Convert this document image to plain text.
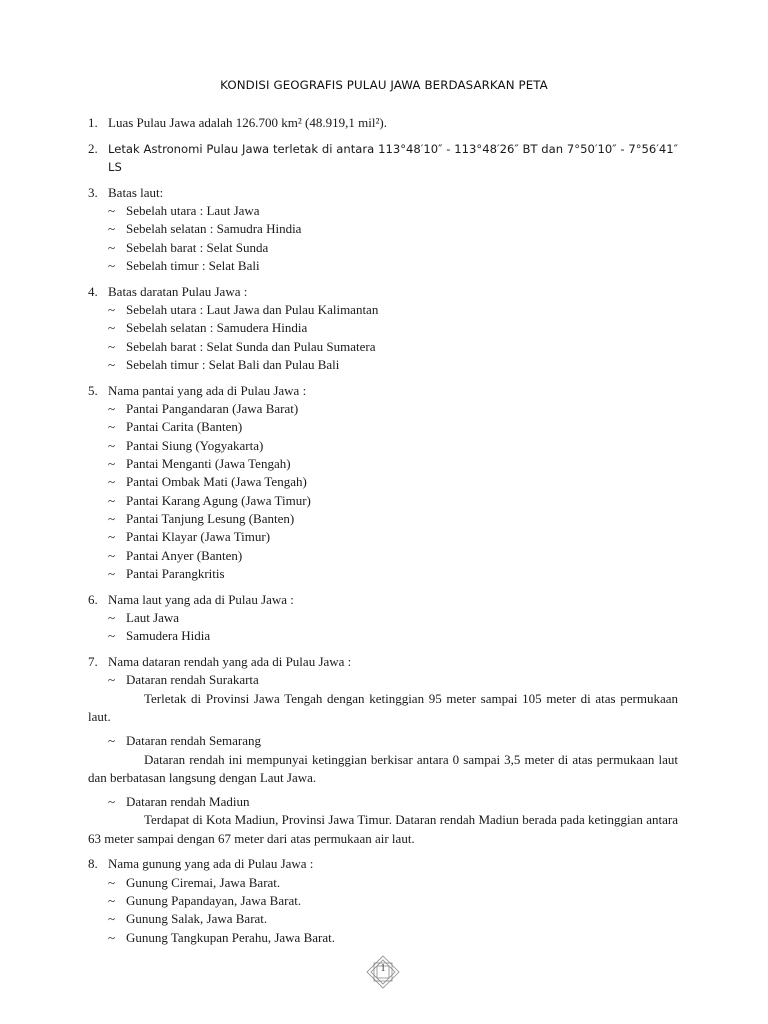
KONDISI GEOGRAFIS PULAU JAWA BERDASARKAN PETA
1. Luas Pulau Jawa adalah 126.700 km² (48.919,1 mil²).
2. Letak Astronomi Pulau Jawa terletak di antara 113°48′10″ - 113°48′26″ BT dan 7°50′10″ - 7°56′41″ LS
3. Batas laut:
~ Sebelah utara : Laut Jawa
~ Sebelah selatan : Samudra Hindia
~ Sebelah barat : Selat Sunda
~ Sebelah timur : Selat Bali
4. Batas daratan Pulau Jawa :
~ Sebelah utara : Laut Jawa dan Pulau Kalimantan
~ Sebelah selatan : Samudera Hindia
~ Sebelah barat : Selat Sunda dan Pulau Sumatera
~ Sebelah timur : Selat Bali dan Pulau Bali
5. Nama pantai yang ada di Pulau Jawa :
~ Pantai Pangandaran (Jawa Barat)
~ Pantai Carita (Banten)
~ Pantai Siung (Yogyakarta)
~ Pantai Menganti (Jawa Tengah)
~ Pantai Ombak Mati (Jawa Tengah)
~ Pantai Karang Agung (Jawa Timur)
~ Pantai Tanjung Lesung (Banten)
~ Pantai Klayar (Jawa Timur)
~ Pantai Anyer (Banten)
~ Pantai Parangkritis
6. Nama laut yang ada di Pulau Jawa :
~ Laut Jawa
~ Samudera Hidia
7. Nama dataran rendah yang ada di Pulau Jawa :
~ Dataran rendah Surakarta
Terletak di Provinsi Jawa Tengah dengan ketinggian 95 meter sampai 105 meter di atas permukaan laut.
~ Dataran rendah Semarang
Dataran rendah ini mempunyai ketinggian berkisar antara 0 sampai 3,5 meter di atas permukaan laut dan berbatasan langsung dengan Laut Jawa.
~ Dataran rendah Madiun
Terdapat di Kota Madiun, Provinsi Jawa Timur. Dataran rendah Madiun berada pada ketinggian antara 63 meter sampai dengan 67 meter dari atas permukaan air laut.
8. Nama gunung yang ada di Pulau Jawa :
~ Gunung Ciremai, Jawa Barat.
~ Gunung Papandayan, Jawa Barat.
~ Gunung Salak, Jawa Barat.
~ Gunung Tangkupan Perahu, Jawa Barat.
1
